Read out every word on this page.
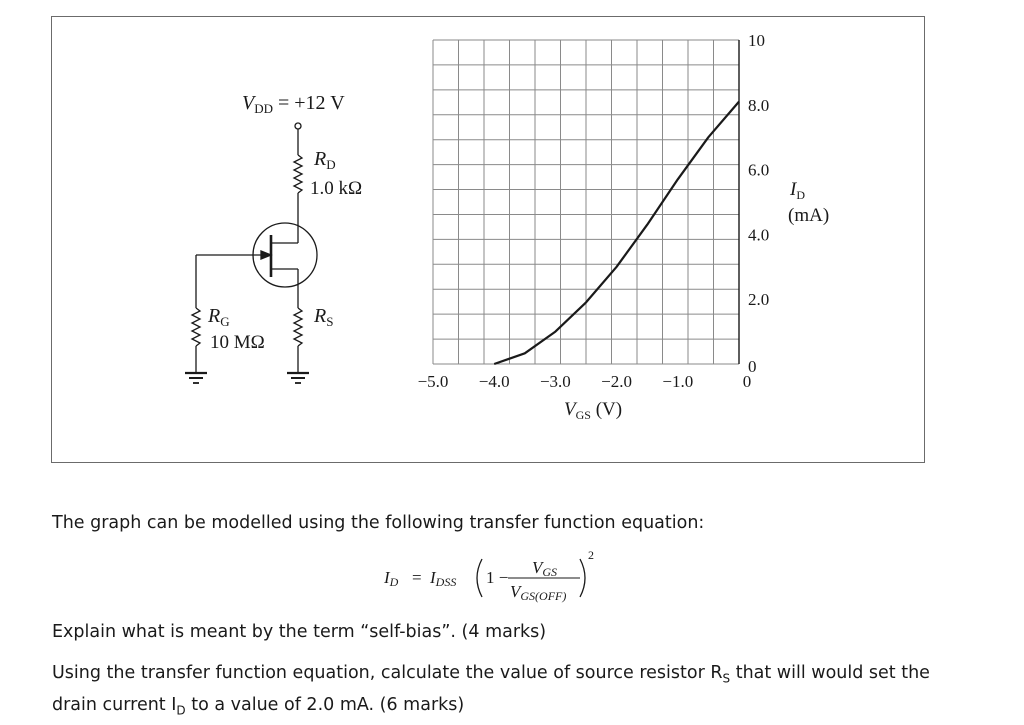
$V_{DD} = +12$ V
$R_D$
1.0 kΩ
$R_G$
10 MΩ
$R_S$
−5.0 −4.0 −3.0 −2.0 −1.0	0
0
2.0
4.0
6.0
8.0
10
$V_{GS}$ (V)
$I_D$
(mA)
The graph can be modelled using the following transfer function equation:
ID = IDSS 1 −
VGS
VGS(OFF)
2
Explain what is meant by the term “self-bias”. (4 marks)
Using the transfer function equation, calculate the value of source resistor $R_S$ that will would set the drain current $I_D$ to a value of 2.0 mA. (6 marks)
